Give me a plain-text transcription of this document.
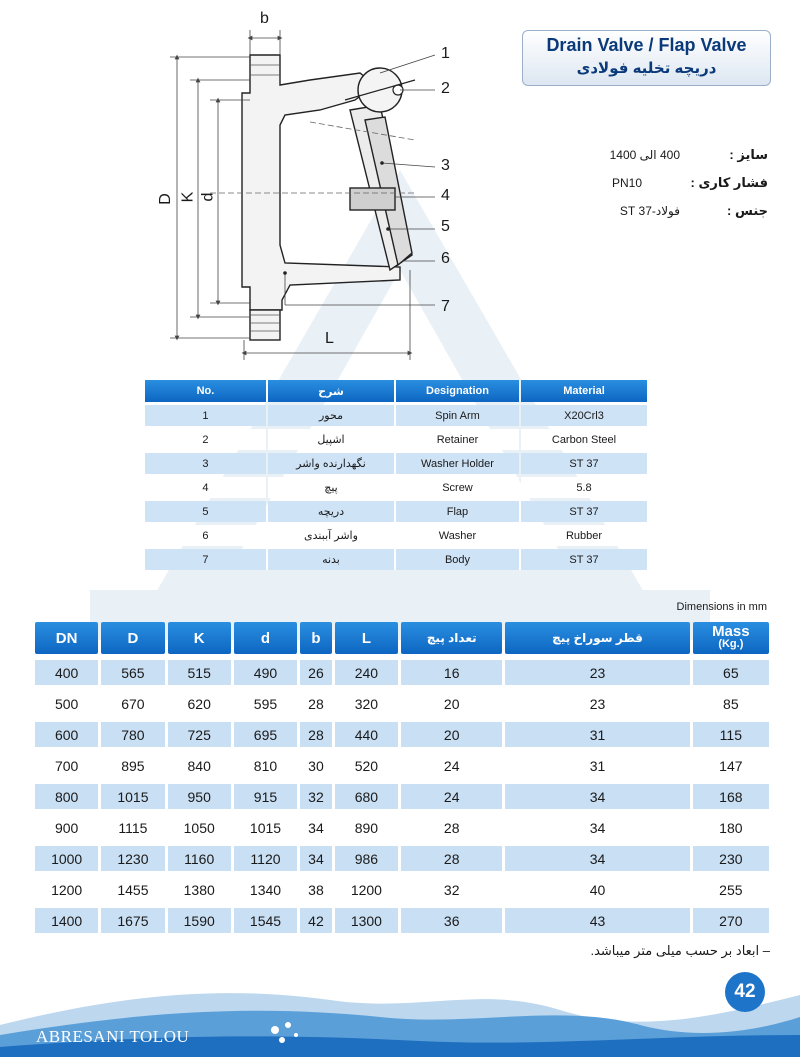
b
D K d
L
1
2
3
4
5
6
7
Drain Valve / Flap Valve
دریچه تخلیه فولادی
سایز :
400 الی 1400
فشار کاری :
PN10
جنس :
فولاد-37 ST
No.	شرح	Designation	Material
1	محور	Spin Arm	X20Crl3
2	اشپیل	Retainer	Carbon Steel
3	نگهدارنده واشر	Washer Holder	ST 37
4	پیچ	Screw	5.8
5	دریچه	Flap	ST 37
6	واشر آببندی	Washer	Rubber
7	بدنه	Body	ST 37
Dimensions in mm
DN	D	K	d	b	L	تعداد پیچ	قطر سوراخ پیچ	Mass
(Kg.)

400	565	515	490	26	240	16	23	65
500	670	620	595	28	320	20	23	85
600	780	725	695	28	440	20	31	115
700	895	840	810	30	520	24	31	147
800	1015	950	915	32	680	24	34	168
900	1115	1050	1015	34	890	28	34	180
1000	1230	1160	1120	34	986	28	34	230
1200	1455	1380	1340	38	1200	32	40	255
1400	1675	1590	1545	42	1300	36	43	270
– ابعاد بر حسب میلی متر میباشد.
42
ABRESANI TOLOU
